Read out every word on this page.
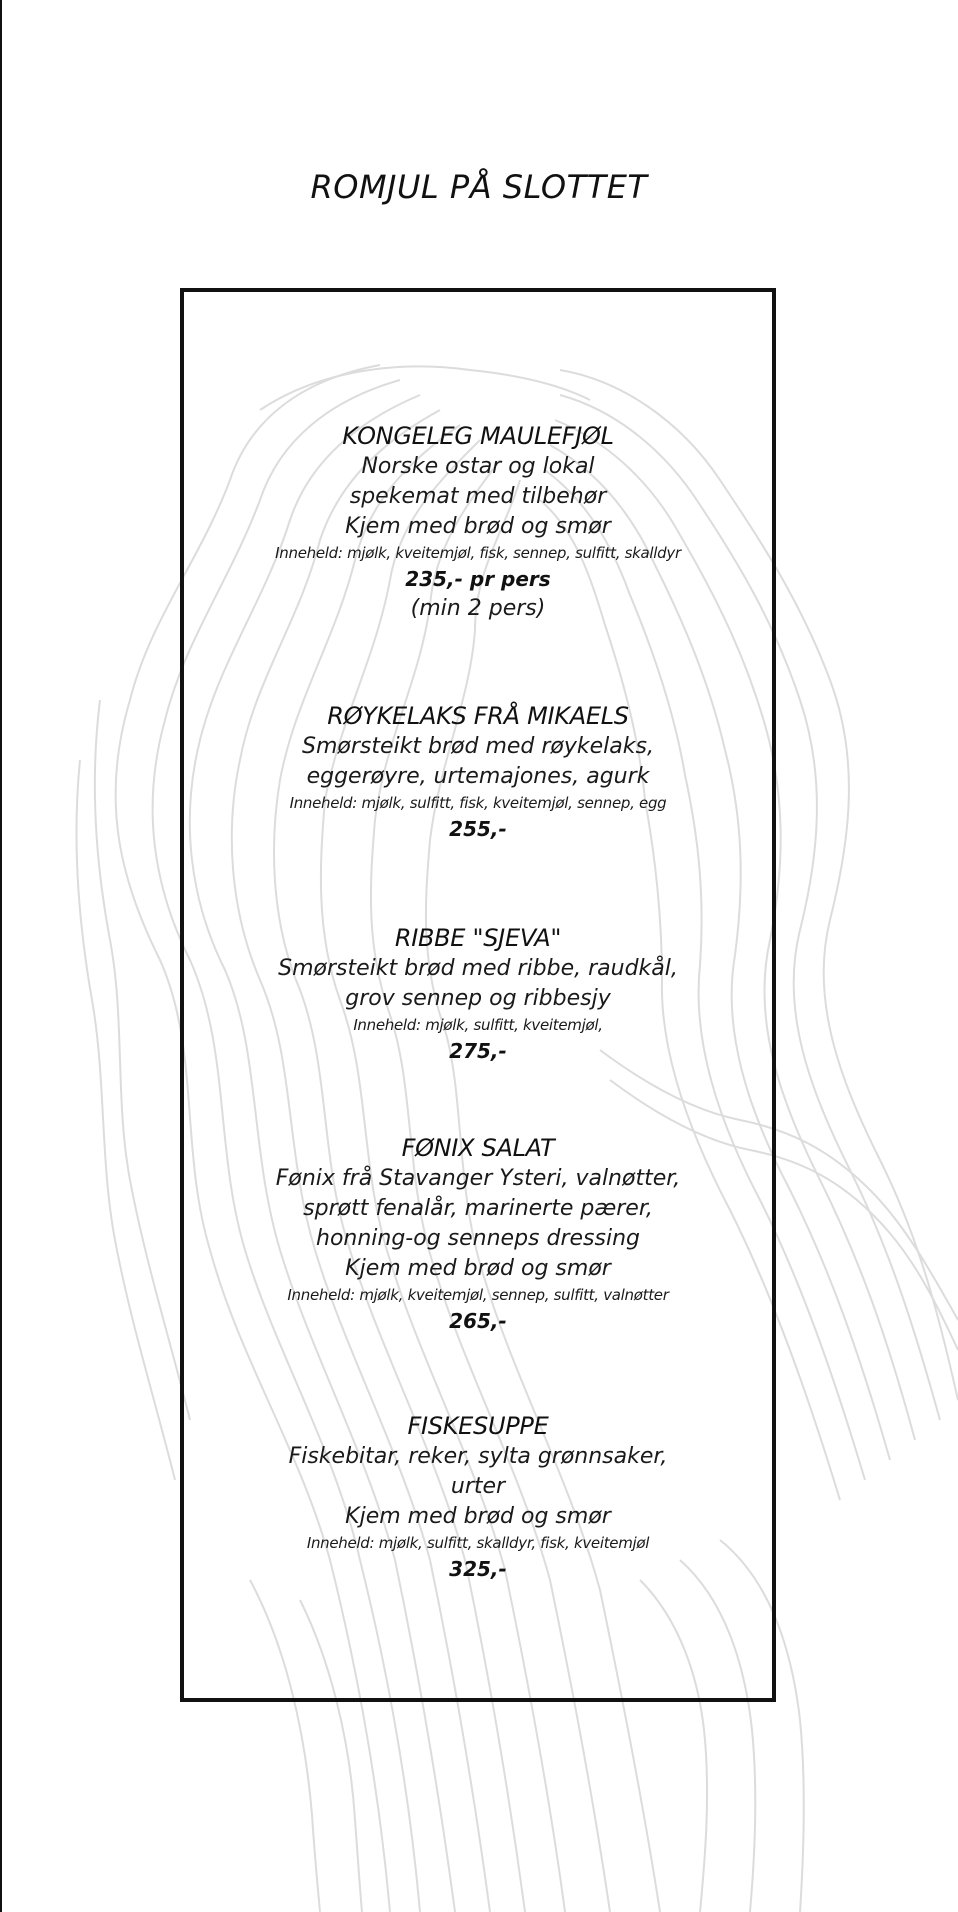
ROMJUL PÅ SLOTTET
KONGELEG MAULEFJØL
Norske ostar og lokal
spekemat med tilbehør
Kjem med brød og smør
Inneheld: mjølk, kveitemjøl, fisk, sennep, sulfitt, skalldyr
235,- pr pers
(min 2 pers)
RØYKELAKS FRÅ MIKAELS
Smørsteikt brød med røykelaks,
eggerøyre, urtemajones, agurk
Inneheld: mjølk, sulfitt, fisk, kveitemjøl, sennep, egg
255,-
RIBBE "SJEVA"
Smørsteikt brød med ribbe, raudkål,
grov sennep og ribbesjy
Inneheld: mjølk, sulfitt, kveitemjøl,
275,-
FØNIX SALAT
Fønix frå Stavanger Ysteri, valnøtter,
sprøtt fenalår, marinerte pærer,
honning-og senneps dressing
Kjem med brød og smør
Inneheld: mjølk, kveitemjøl, sennep, sulfitt, valnøtter
265,-
FISKESUPPE
Fiskebitar, reker, sylta grønnsaker,
urter
Kjem med brød og smør
Inneheld: mjølk, sulfitt, skalldyr, fisk, kveitemjøl
325,-
